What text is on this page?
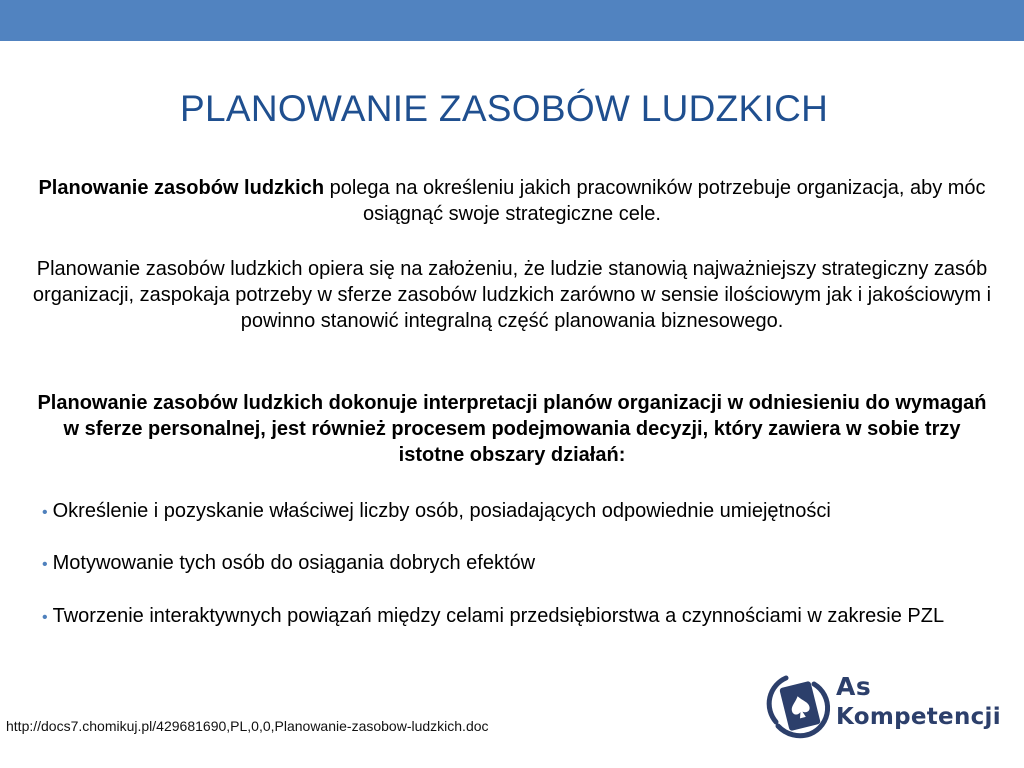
PLANOWANIE ZASOBÓW LUDZKICH

Planowanie zasobów ludzkich polega na określeniu jakich pracowników potrzebuje organizacja, aby móc osiągnąć swoje strategiczne cele.

Planowanie zasobów ludzkich opiera się na założeniu, że ludzie stanowią najważniejszy strategiczny zasób organizacji, zaspokaja potrzeby w sferze zasobów ludzkich zarówno w sensie ilościowym jak i jakościowym i powinno stanowić integralną część planowania biznesowego.

Planowanie zasobów ludzkich dokonuje interpretacji planów organizacji w odniesieniu do wymagań w sferze personalnej, jest również procesem podejmowania decyzji, który zawiera w sobie trzy istotne obszary działań:

• Określenie i pozyskanie właściwej liczby osób, posiadających odpowiednie umiejętności

• Motywowanie tych osób do osiągania dobrych efektów

• Tworzenie interaktywnych powiązań między celami przedsiębiorstwa a czynnościami w zakresie PZL

http://docs7.chomikuj.pl/429681690,PL,0,0,Planowanie-zasobow-ludzkich.doc
As
Kompetencji
